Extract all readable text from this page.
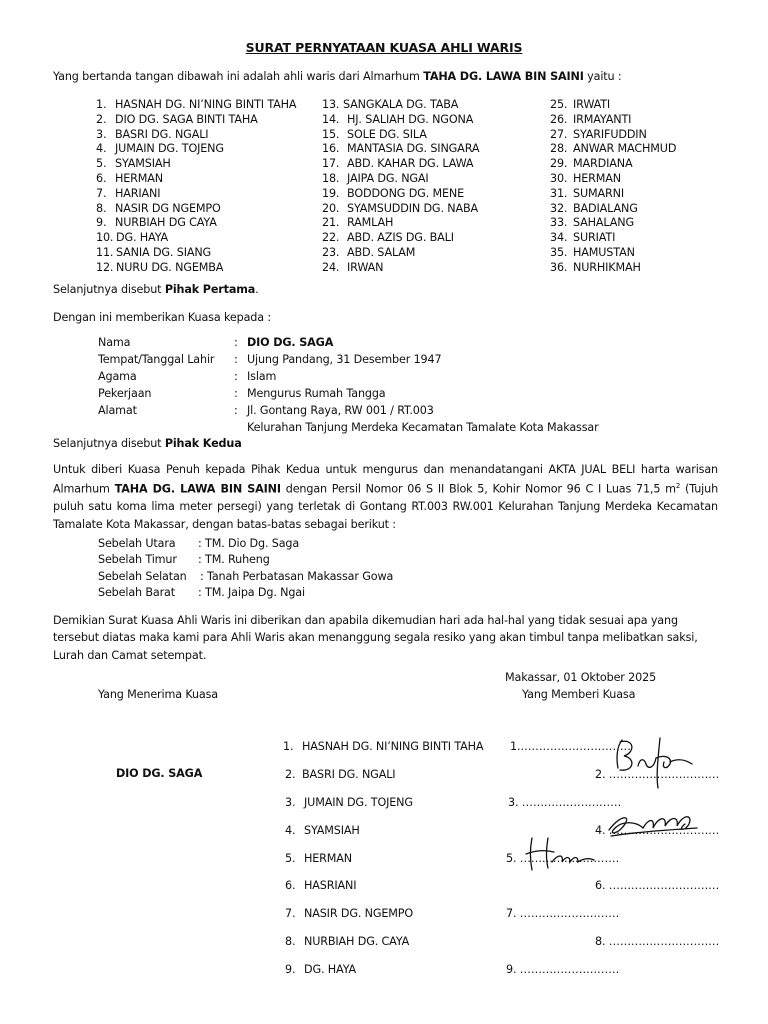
SURAT PERNYATAAN KUASA AHLI WARIS
Yang bertanda tangan dibawah ini adalah ahli waris dari Almarhum TAHA DG. LAWA BIN SAINI yaitu :
1. HASNAH DG. NI’NING BINTI TAHA
2. DIO DG. SAGA BINTI TAHA
3. BASRI DG. NGALI
4. JUMAIN DG. TOJENG
5. SYAMSIAH
6. HERMAN
7. HARIANI
8. NASIR DG NGEMPO
9. NURBIAH DG CAYA
10. DG. HAYA
11. SANIA DG. SIANG
12. NURU DG. NGEMBA
13. SANGKALA DG. TABA
14. HJ. SALIAH DG. NGONA
15. SOLE DG. SILA
16. MANTASIA DG. SINGARA
17. ABD. KAHAR DG. LAWA
18. JAIPA DG. NGAI
19. BODDONG DG. MENE
20. SYAMSUDDIN DG. NABA
21. RAMLAH
22. ABD. AZIS DG. BALI
23. ABD. SALAM
24. IRWAN
25. IRWATI
26. IRMAYANTI
27. SYARIFUDDIN
28. ANWAR MACHMUD
29. MARDIANA
30. HERMAN
31. SUMARNI
32. BADIALANG
33. SAHALANG
34. SURIATI
35. HAMUSTAN
36. NURHIKMAH
Selanjutnya disebut Pihak Pertama.
Dengan ini memberikan Kuasa kepada :
Nama	: DIO DG. SAGA
Tempat/Tanggal Lahir : Ujung Pandang, 31 Desember 1947
Agama	: Islam
Pekerjaan	: Mengurus Rumah Tangga
Alamat	: Jl. Gontang Raya, RW 001 / RT.003
Kelurahan Tanjung Merdeka Kecamatan Tamalate Kota Makassar
Selanjutnya disebut Pihak Kedua
Untuk diberi Kuasa Penuh kepada Pihak Kedua untuk mengurus dan menandatangani AKTA JUAL BELI harta warisan Almarhum TAHA DG. LAWA BIN SAINI dengan Persil Nomor 06 S II Blok 5, Kohir Nomor 96 C I Luas 71,5 $m^2$ (Tujuh puluh satu koma lima meter persegi) yang terletak di Gontang RT.003 RW.001 Kelurahan Tanjung Merdeka Kecamatan Tamalate Kota Makassar, dengan batas-batas sebagai berikut :
Sebelah Utara : TM. Dio Dg. Saga
Sebelah Timur : TM. Ruheng
Sebelah Selatan : Tanah Perbatasan Makassar Gowa
Sebelah Barat : TM. Jaipa Dg. Ngai
Demikian Surat Kuasa Ahli Waris ini diberikan dan apabila dikemudian hari ada hal-hal yang tidak sesuai apa yang tersebut diatas maka kami para Ahli Waris akan menanggung segala resiko yang akan timbul tanpa melibatkan saksi, Lurah dan Camat setempat.
Makassar, 01 Oktober 2025
Yang Menerima Kuasa	Yang Memberi Kuasa
DIO DG. SAGA
1. HASNAH DG. NI’NING BINTI TAHA 1.…………………………
2. BASRI DG. NGALI	2. …………………………
3. JUMAIN DG. TOJENG	3. ………………………
4. SYAMSIAH	4. …………………………
5. HERMAN	5. ………………………
6. HASRIANI	6. …………………………
7. NASIR DG. NGEMPO	7. ………………………
8. NURBIAH DG. CAYA	8. …………………………
9. DG. HAYA	9. ………………………
